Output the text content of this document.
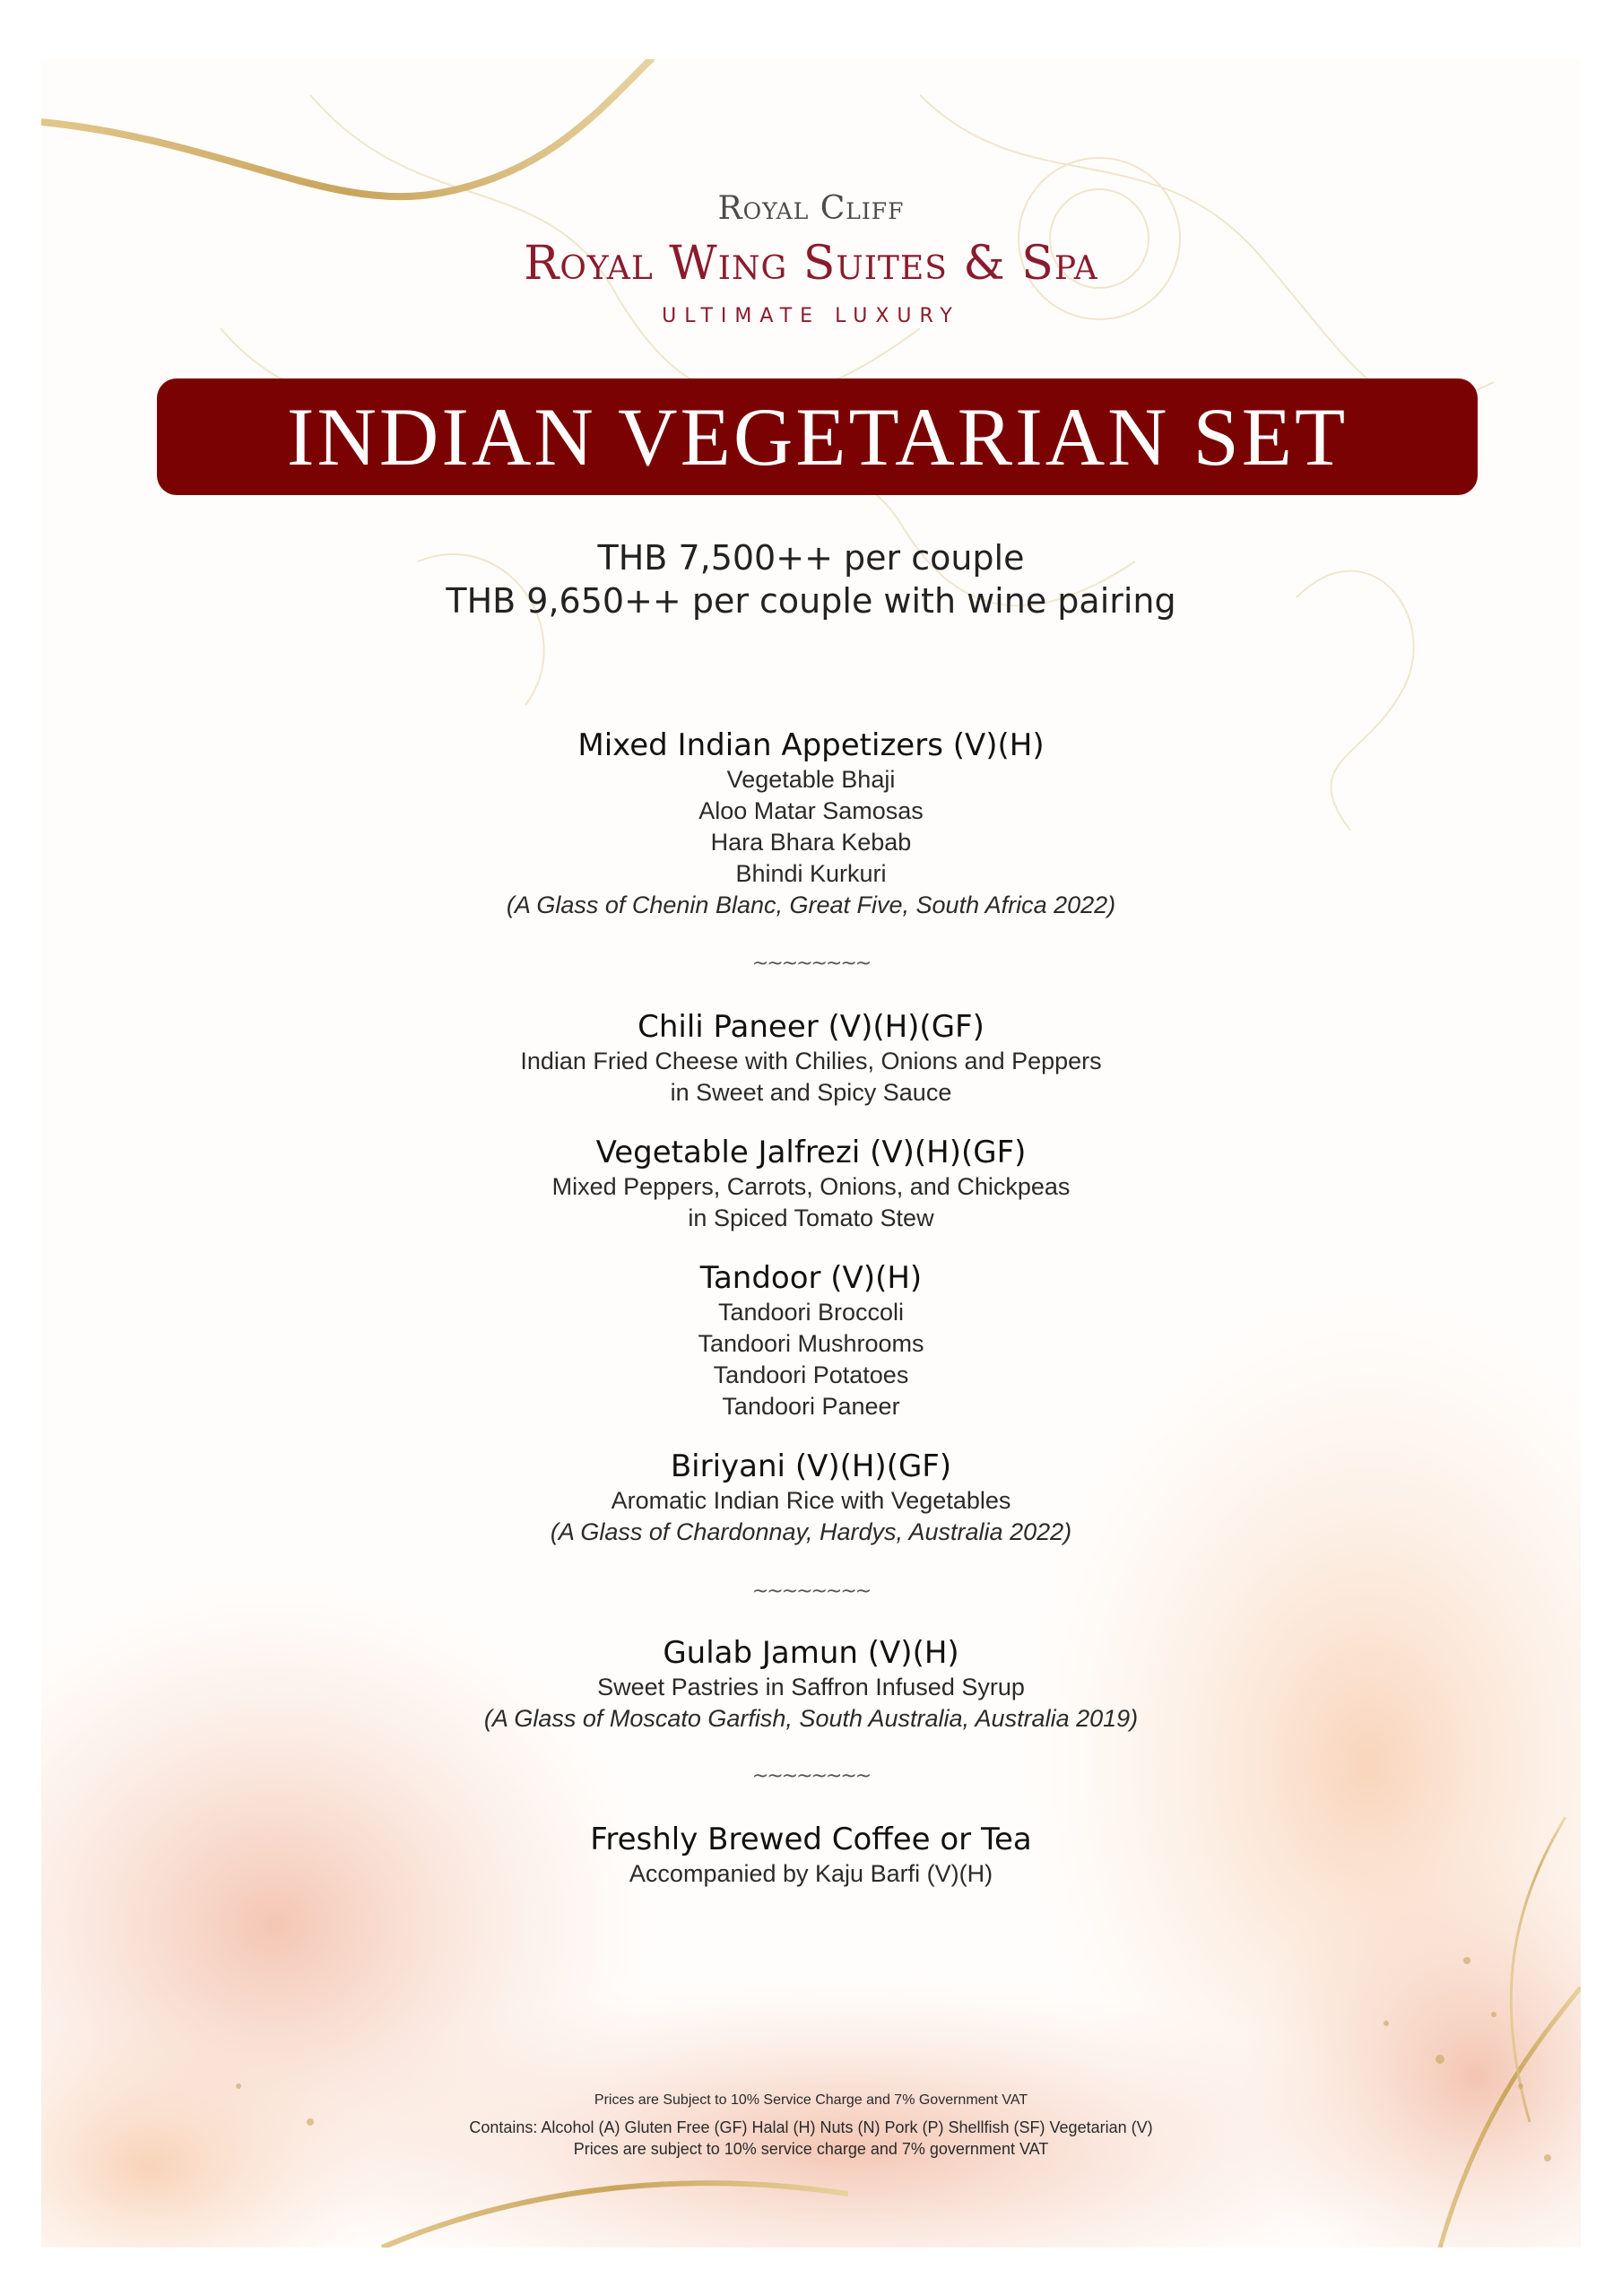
Royal Cliff
Royal Wing Suites & Spa
ULTIMATE LUXURY
INDIAN VEGETARIAN SET
THB 7,500++ per couple
THB 9,650++ per couple with wine pairing
Mixed Indian Appetizers (V)(H)
Vegetable Bhaji
Aloo Matar Samosas
Hara Bhara Kebab
Bhindi Kurkuri
(A Glass of Chenin Blanc, Great Five, South Africa 2022)
~~~~~~~~
Chili Paneer (V)(H)(GF)
Indian Fried Cheese with Chilies, Onions and Peppers
in Sweet and Spicy Sauce
Vegetable Jalfrezi (V)(H)(GF)
Mixed Peppers, Carrots, Onions, and Chickpeas
in Spiced Tomato Stew
Tandoor (V)(H)
Tandoori Broccoli
Tandoori Mushrooms
Tandoori Potatoes
Tandoori Paneer
Biriyani (V)(H)(GF)
Aromatic Indian Rice with Vegetables
(A Glass of Chardonnay, Hardys, Australia 2022)
~~~~~~~~
Gulab Jamun (V)(H)
Sweet Pastries in Saffron Infused Syrup
(A Glass of Moscato Garfish, South Australia, Australia 2019)
~~~~~~~~
Freshly Brewed Coffee or Tea
Accompanied by Kaju Barfi (V)(H)
Prices are Subject to 10% Service Charge and 7% Government VAT
Contains: Alcohol (A) Gluten Free (GF) Halal (H) Nuts (N) Pork (P) Shellfish (SF) Vegetarian (V)
Prices are subject to 10% service charge and 7% government VAT
